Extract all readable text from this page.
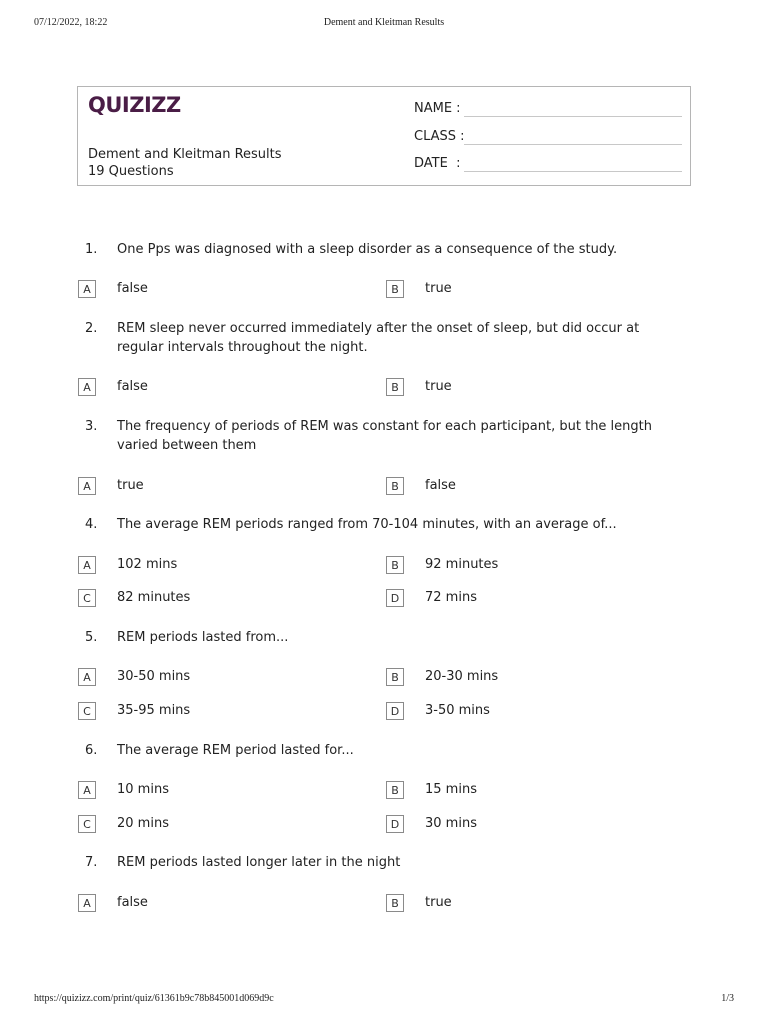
07/12/2022, 18:22	Dement and Kleitman Results
QUIZIZZ
Dement and Kleitman Results
19 Questions
NAME :
CLASS :
DATE  :
1.	One Pps was diagnosed with a sleep disorder as a consequence of the study.
A	false	B	true
2.	REM sleep never occurred immediately after the onset of sleep, but did occur at regular intervals throughout the night.
A	false	B	true
3.	The frequency of periods of REM was constant for each participant, but the length varied between them
A	true	B	false
4.	The average REM periods ranged from 70-104 minutes, with an average of...
A	102 mins	B	92 minutes
C	82 minutes	D	72 mins
5.	REM periods lasted from...
A	30-50 mins	B	20-30 mins
C	35-95 mins	D	3-50 mins
6.	The average REM period lasted for...
A	10 mins	B	15 mins
C	20 mins	D	30 mins
7.	REM periods lasted longer later in the night
A	false	B	true
https://quizizz.com/print/quiz/61361b9c78b845001d069d9c	1/3
